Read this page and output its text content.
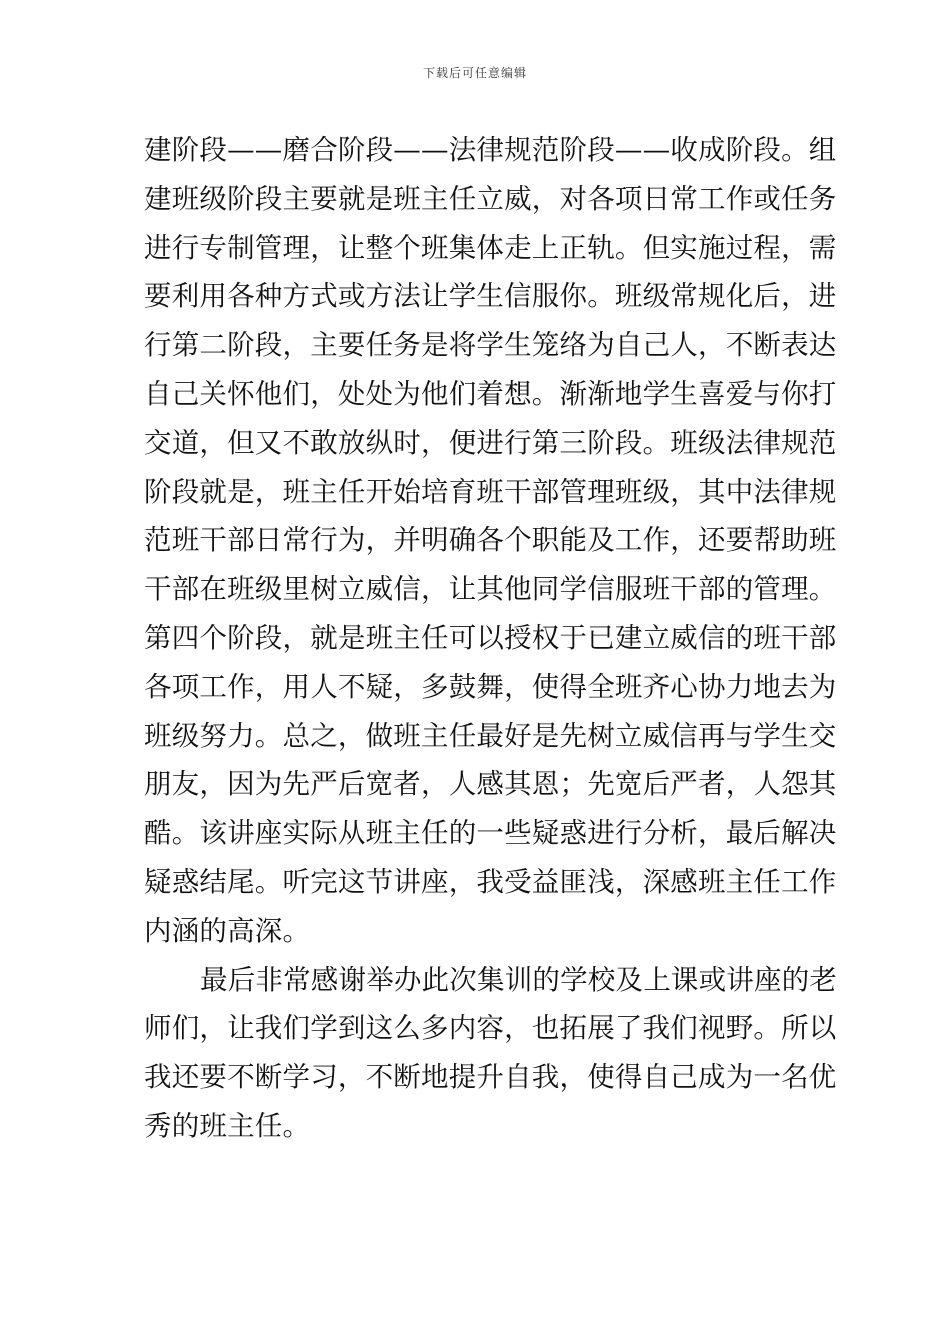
下载后可任意编辑
建阶段——磨合阶段——法律规范阶段——收成阶段。组
建班级阶段主要就是班主任立威，对各项日常工作或任务
进行专制管理，让整个班集体走上正轨。但实施过程，需
要利用各种方式或方法让学生信服你。班级常规化后，进
行第二阶段，主要任务是将学生笼络为自己人，不断表达
自己关怀他们，处处为他们着想。渐渐地学生喜爱与你打
交道，但又不敢放纵时，便进行第三阶段。班级法律规范
阶段就是，班主任开始培育班干部管理班级，其中法律规
范班干部日常行为，并明确各个职能及工作，还要帮助班
干部在班级里树立威信，让其他同学信服班干部的管理。
第四个阶段，就是班主任可以授权于已建立威信的班干部
各项工作，用人不疑，多鼓舞，使得全班齐心协力地去为
班级努力。总之，做班主任最好是先树立威信再与学生交
朋友，因为先严后宽者，人感其恩；先宽后严者，人怨其
酷。该讲座实际从班主任的一些疑惑进行分析，最后解决
疑惑结尾。听完这节讲座，我受益匪浅，深感班主任工作
内涵的高深。
最后非常感谢举办此次集训的学校及上课或讲座的老
师们，让我们学到这么多内容，也拓展了我们视野。所以
我还要不断学习，不断地提升自我，使得自己成为一名优
秀的班主任。
